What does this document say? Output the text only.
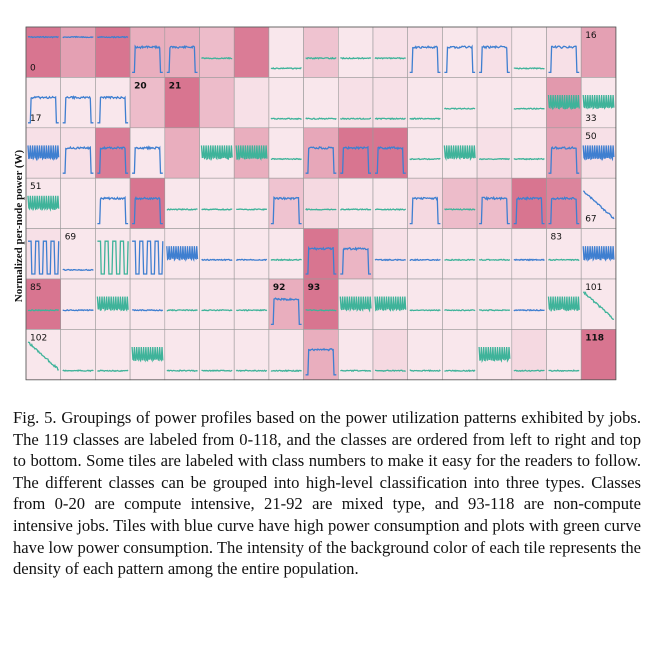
0
16
17
20 21
33
50
51
67
69	83
85	92 93	101
102	118
Normalized per-node power (W)
Fig. 5. Groupings of power profiles based on the power utilization patterns exhibited by jobs. The 119 classes are labeled from 0-118, and the classes are ordered from left to right and top to bottom. Some tiles are labeled with class numbers to make it easy for the readers to follow. The different classes can be grouped into high-level classification into three types. Classes from 0-20 are compute intensive, 21-92 are mixed type, and 93-118 are non-compute intensive jobs. Tiles with blue curve have high power consumption and plots with green curve have low power consumption. The intensity of the background color of each tile represents the density of each pattern among the entire population.
